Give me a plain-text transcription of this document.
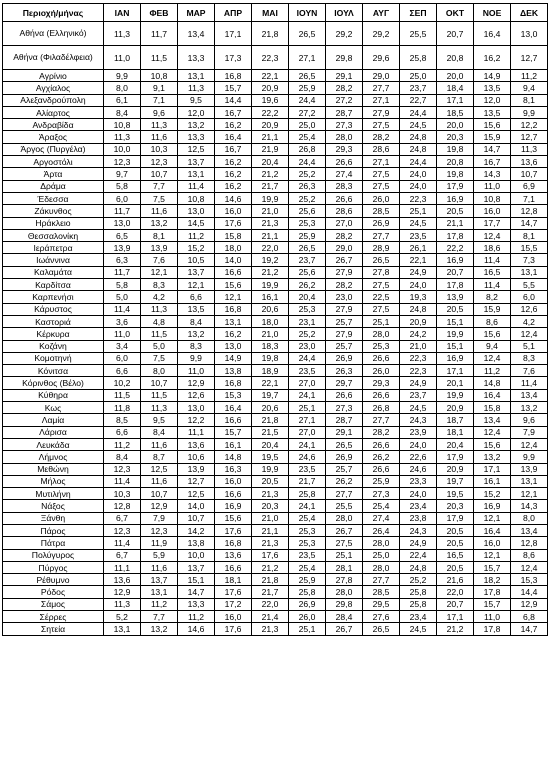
Περιοχή/μήνας	ΙΑΝ	ΦΕΒ	ΜΑΡ	ΑΠΡ	ΜΑΙ	ΙΟΥΝ	ΙΟΥΛ	ΑΥΓ	ΣΕΠ	ΟΚΤ	ΝΟΕ	ΔΕΚ
Αθήνα (Ελληνικό)	11,3	11,7	13,4	17,1	21,8	26,5	29,2	29,2	25,5	20,7	16,4	13,0
Αθήνα (Φιλαδέλφεια)	11,0	11,5	13,3	17,3	22,3	27,1	29,8	29,6	25,8	20,8	16,2	12,7
Αγρίνιο	9,9	10,8	13,1	16,8	22,1	26,5	29,1	29,0	25,0	20,0	14,9	11,2
Αγχίαλος	8,0	9,1	11,3	15,7	20,9	25,9	28,2	27,7	23,7	18,4	13,5	9,4
Αλεξανδρούπολη	6,1	7,1	9,5	14,4	19,6	24,4	27,2	27,1	22,7	17,1	12,0	8,1
Αλίαρτος	8,4	9,6	12,0	16,7	22,2	27,2	28,7	27,9	24,4	18,5	13,5	9,9
Ανδραβίδα	10,8	11,3	13,2	16,2	20,9	25,0	27,3	27,5	24,5	20,0	15,6	12,2
Άραξος	11,3	11,6	13,3	16,4	21,1	25,4	28,0	28,2	24,8	20,3	15,9	12,7
Άργος (Πυργέλα)	10,0	10,3	12,5	16,7	21,9	26,8	29,3	28,6	24,8	19,8	14,7	11,3
Αργοστόλι	12,3	12,3	13,7	16,2	20,4	24,4	26,6	27,1	24,4	20,8	16,7	13,6
Άρτα	9,7	10,7	13,1	16,2	21,2	25,2	27,4	27,5	24,0	19,8	14,3	10,7
Δράμα	5,8	7,7	11,4	16,2	21,7	26,3	28,3	27,5	24,0	17,9	11,0	6,9
Έδεσσα	6,0	7,5	10,8	14,6	19,9	25,2	26,6	26,0	22,3	16,9	10,8	7,1
Ζάκυνθος	11,7	11,6	13,0	16,0	21,0	25,6	28,6	28,5	25,1	20,5	16,0	12,8
Ηράκλειο	13,0	13,2	14,5	17,6	21,3	25,3	27,0	26,9	24,5	21,1	17,7	14,7
Θεσσαλονίκη	6,5	8,1	11,2	15,8	21,1	25,9	28,2	27,7	23,5	17,8	12,4	8,1
Ιεράπετρα	13,9	13,9	15,2	18,0	22,0	26,5	29,0	28,9	26,1	22,2	18,6	15,5
Ιωάννινα	6,3	7,6	10,5	14,0	19,2	23,7	26,7	26,5	22,1	16,9	11,4	7,3
Καλαμάτα	11,7	12,1	13,7	16,6	21,2	25,6	27,9	27,8	24,9	20,7	16,5	13,1
Καρδίτσα	5,8	8,3	12,1	15,6	19,9	26,2	28,2	27,5	24,0	17,8	11,4	5,5
Καρπενήσι	5,0	4,2	6,6	12,1	16,1	20,4	23,0	22,5	19,3	13,9	8,2	6,0
Κάρυστος	11,4	11,3	13,5	16,8	20,6	25,3	27,9	27,5	24,8	20,5	15,9	12,6
Καστοριά	3,6	4,8	8,4	13,1	18,0	23,1	25,7	25,1	20,9	15,1	8,6	4,2
Κέρκυρα	11,0	11,5	13,2	16,2	21,0	25,2	27,9	28,0	24,2	19,9	15,6	12,4
Κοζάνη	3,4	5,0	8,3	13,0	18,3	23,0	25,7	25,3	21,0	15,1	9,4	5,1
Κομοτηνή	6,0	7,5	9,9	14,9	19,8	24,4	26,9	26,6	22,3	16,9	12,4	8,3
Κόνιτσα	6,6	8,0	11,0	13,8	18,9	23,5	26,3	26,0	22,3	17,1	11,2	7,6
Κόρινθος (Βέλο)	10,2	10,7	12,9	16,8	22,1	27,0	29,7	29,3	24,9	20,1	14,8	11,4
Κύθηρα	11,5	11,5	12,6	15,3	19,7	24,1	26,6	26,6	23,7	19,9	16,4	13,4
Κως	11,8	11,3	13,0	16,4	20,6	25,1	27,3	26,8	24,5	20,9	15,8	13,2
Λαμία	8,5	9,5	12,2	16,6	21,8	27,1	28,7	27,7	24,3	18,7	13,4	9,6
Λάρισα	6,6	8,4	11,1	15,7	21,5	27,0	29,1	28,2	23,9	18,1	12,4	7,9
Λευκάδα	11,2	11,6	13,6	16,1	20,4	24,1	26,5	26,6	24,0	20,4	15,6	12,4
Λήμνος	8,4	8,7	10,6	14,8	19,5	24,6	26,9	26,2	22,6	17,9	13,2	9,9
Μεθώνη	12,3	12,5	13,9	16,3	19,9	23,5	25,7	26,6	24,6	20,9	17,1	13,9
Μήλος	11,4	11,6	12,7	16,0	20,5	21,7	26,2	25,9	23,3	19,7	16,1	13,1
Μυτιλήνη	10,3	10,7	12,5	16,6	21,3	25,8	27,7	27,3	24,0	19,5	15,2	12,1
Νάξος	12,8	12,9	14,0	16,9	20,3	24,1	25,5	25,4	23,4	20,3	16,9	14,3
Ξάνθη	6,7	7,9	10,7	15,6	21,0	25,4	28,0	27,4	23,8	17,9	12,1	8,0
Πάρος	12,3	12,3	14,2	17,6	21,1	25,3	26,7	26,4	24,3	20,5	16,4	13,4
Πάτρα	11,4	11,9	13,8	16,8	21,3	25,3	27,5	28,0	24,9	20,5	16,0	12,8
Πολύγυρος	6,7	5,9	10,0	13,6	17,6	23,5	25,1	25,0	22,4	16,5	12,1	8,6
Πύργος	11,1	11,6	13,7	16,6	21,2	25,4	28,1	28,0	24,8	20,5	15,7	12,4
Ρέθυμνο	13,6	13,7	15,1	18,1	21,8	25,9	27,8	27,7	25,2	21,6	18,2	15,3
Ρόδος	12,9	13,1	14,7	17,6	21,7	25,8	28,0	28,5	25,8	22,0	17,8	14,4
Σάμος	11,3	11,2	13,3	17,2	22,0	26,9	29,8	29,5	25,8	20,7	15,7	12,9
Σέρρες	5,2	7,7	11,2	16,0	21,4	26,0	28,4	27,6	23,4	17,1	11,0	6,8
Σητεία	13,1	13,2	14,6	17,6	21,3	25,1	26,7	26,5	24,5	21,2	17,8	14,7
